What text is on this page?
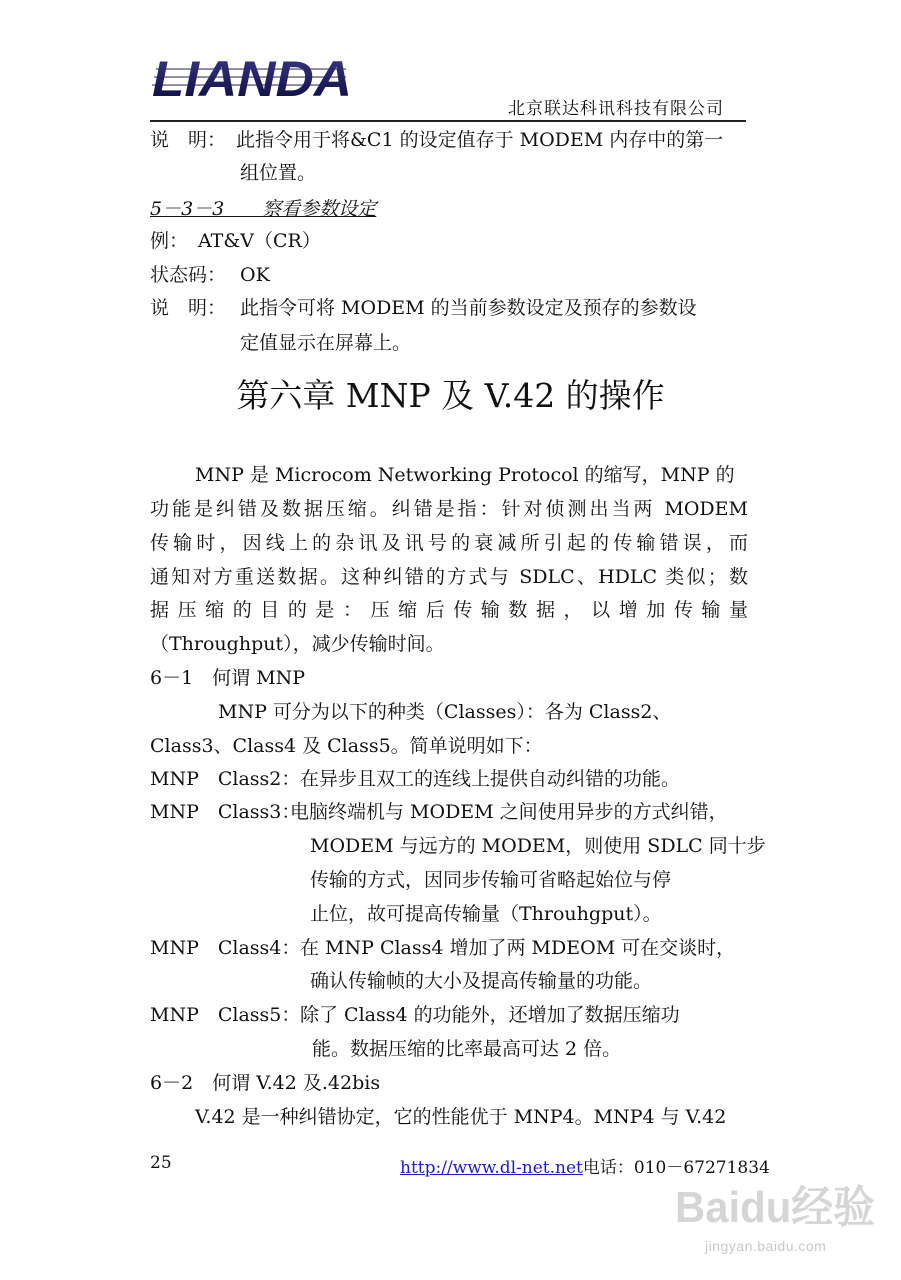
LIANDA
北京联达科讯科技有限公司
说　明： 此指令用于将&C1 的设定值存于 MODEM 内存中的第一
组位置。
5－3－3　　察看参数设定
例： AT&V（CR）
状态码： OK
说　明： 此指令可将 MODEM 的当前参数设定及预存的参数设
定值显示在屏幕上。
第六章 MNP 及 V.42 的操作
MNP 是 Microcom Networking Protocol 的缩写，MNP 的
功能是纠错及数据压缩。纠错是指：针对侦测出当两 MODEM
传输时，因线上的杂讯及讯号的衰减所引起的传输错误，而
通知对方重送数据。这种纠错的方式与 SDLC、HDLC 类似；数
据压缩的目的是：压缩后传输数据，以增加传输量
（Throughput），减少传输时间。
6－1　何谓 MNP
MNP 可分为以下的种类（Classes）：各为 Class2、
Class3、Class4 及 Class5。简单说明如下：
MNP　Class2： 在异步且双工的连线上提供自动纠错的功能。
MNP　Class3：
电脑终端机与 MODEM 之间使用异步的方式纠错，
MODEM 与远方的 MODEM，则使用 SDLC 同十步
传输的方式，因同步传输可省略起始位与停
止位，故可提高传输量（Throuhgput）。
MNP　Class4： 在 MNP Class4 增加了两 MDEOM 可在交谈时，
确认传输帧的大小及提高传输量的功能。
MNP　Class5： 除了 Class4 的功能外，还增加了数据压缩功
能。数据压缩的比率最高可达 2 倍。
6－2　何谓 V.42 及.42bis
V.42 是一种纠错协定，它的性能优于 MNP4。MNP4 与 V.42
25	http://www.dl-net.net电话：010－67271834
Baidu经验
jingyan.baidu.com
